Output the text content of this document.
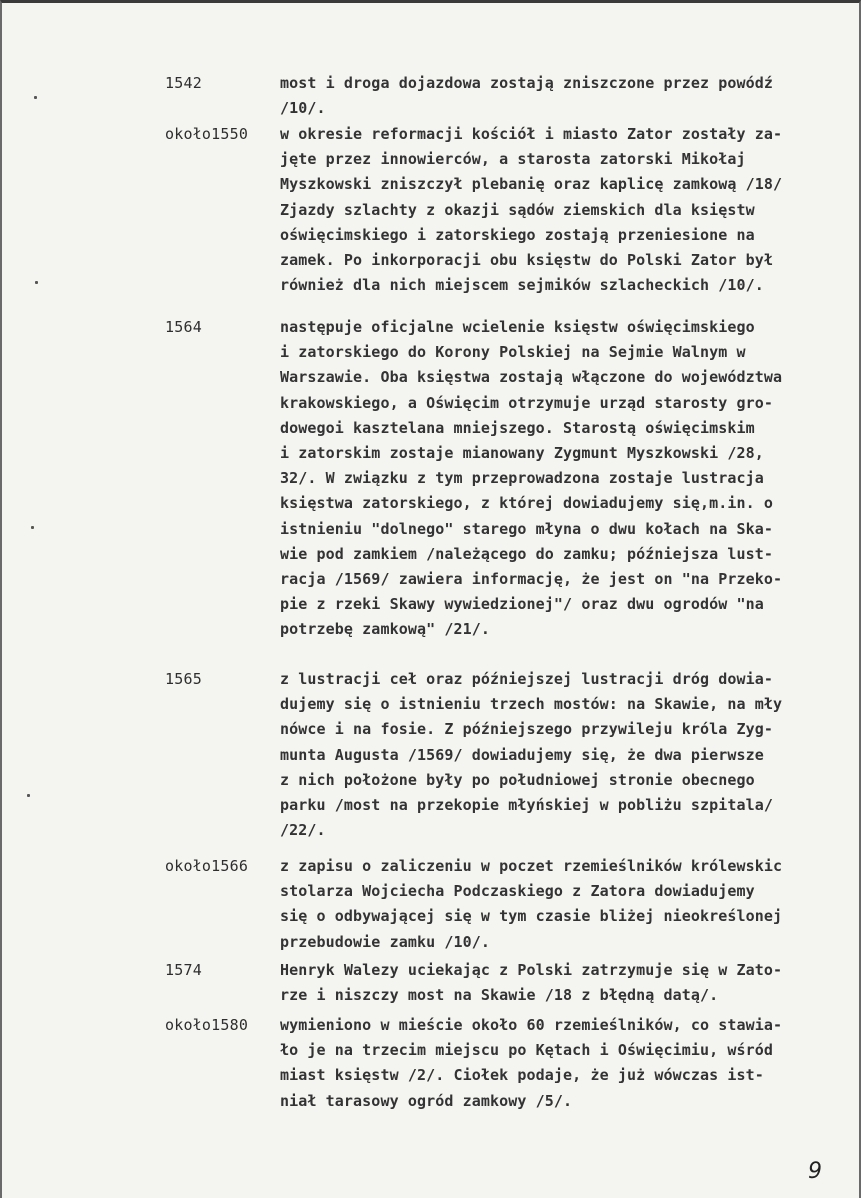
1542	most i droga dojazdowa zostają zniszczone przez powódź
/10/.
około1550 w okresie reformacji kościół i miasto Zator zostały za-
jęte przez innowierców, a starosta zatorski Mikołaj
Myszkowski zniszczył plebanię oraz kaplicę zamkową /18/
Zjazdy szlachty z okazji sądów ziemskich dla księstw
oświęcimskiego i zatorskiego zostają przeniesione na
zamek. Po inkorporacji obu księstw do Polski Zator był
również dla nich miejscem sejmików szlacheckich /10/.
1564	następuje oficjalne wcielenie księstw oświęcimskiego
i zatorskiego do Korony Polskiej na Sejmie Walnym w
Warszawie. Oba księstwa zostają włączone do województwa
krakowskiego, a Oświęcim otrzymuje urząd starosty gro-
dowegoi kasztelana mniejszego. Starostą oświęcimskim
i zatorskim zostaje mianowany Zygmunt Myszkowski /28,
32/. W związku z tym przeprowadzona zostaje lustracja
księstwa zatorskiego, z której dowiadujemy się,m.in. o
istnieniu "dolnego" starego młyna o dwu kołach na Ska-
wie pod zamkiem /należącego do zamku; późniejsza lust-
racja /1569/ zawiera informację, że jest on "na Przeko-
pie z rzeki Skawy wywiedzionej"/ oraz dwu ogrodów "na
potrzebę zamkową" /21/.
1565	z lustracji ceł oraz późniejszej lustracji dróg dowia-
dujemy się o istnieniu trzech mostów: na Skawie, na mły
nówce i na fosie. Z późniejszego przywileju króla Zyg-
munta Augusta /1569/ dowiadujemy się, że dwa pierwsze
z nich położone były po południowej stronie obecnego
parku /most na przekopie młyńskiej w pobliżu szpitala/
/22/.
około1566 z zapisu o zaliczeniu w poczet rzemieślników królewskic
stolarza Wojciecha Podczaskiego z Zatora dowiadujemy
się o odbywającej się w tym czasie bliżej nieokreślonej
przebudowie zamku /10/.
1574	Henryk Walezy uciekając z Polski zatrzymuje się w Zato-
rze i niszczy most na Skawie /18 z błędną datą/.
około1580 wymieniono w mieście około 60 rzemieślników, co stawia-
ło je na trzecim miejscu po Kętach i Oświęcimiu, wśród
miast księstw /2/. Ciołek podaje, że już wówczas ist-
niał tarasowy ogród zamkowy /5/.
9
